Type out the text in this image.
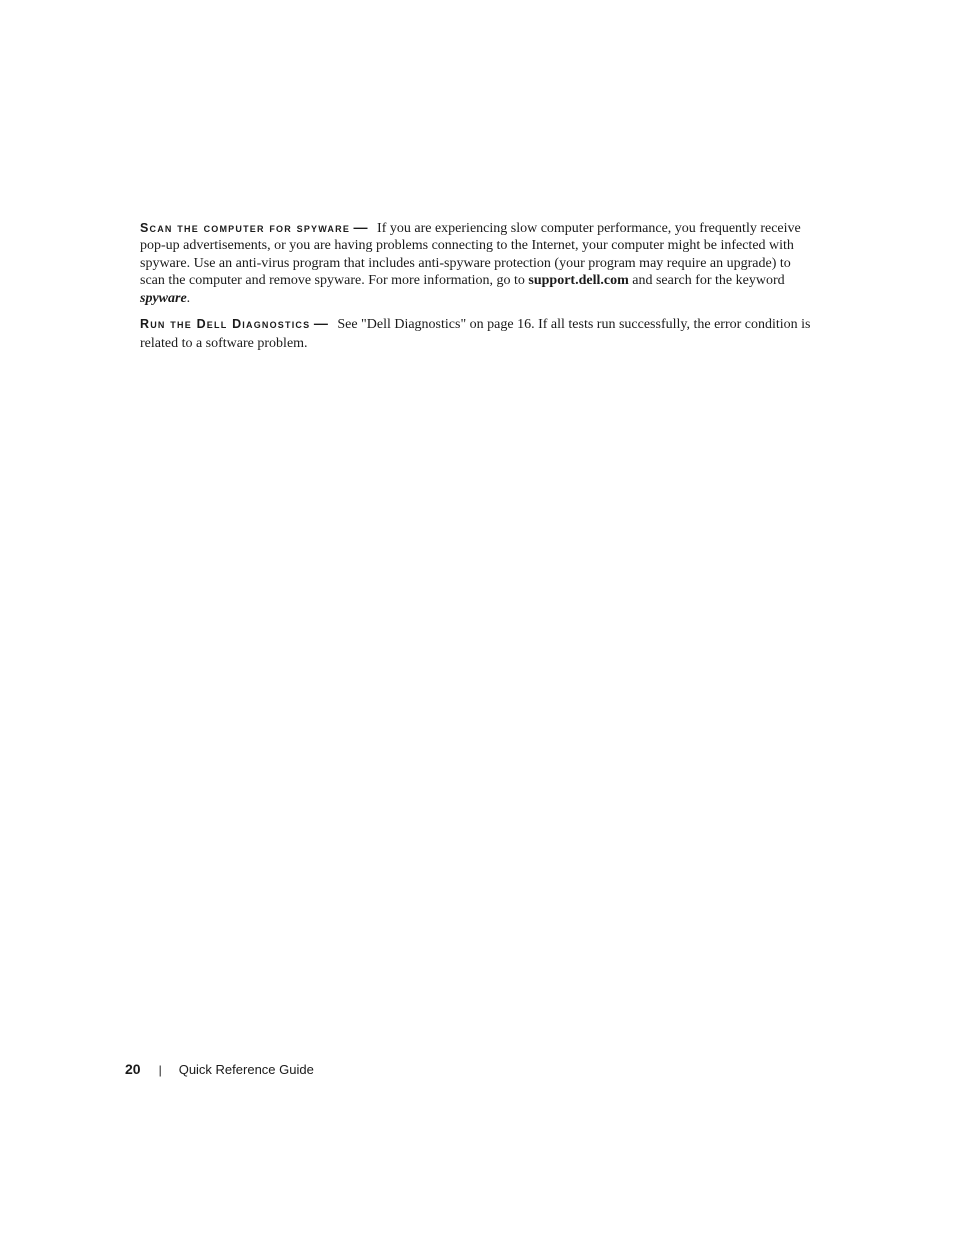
Scan the computer for spyware — If you are experiencing slow computer performance, you frequently receive pop-up advertisements, or you are having problems connecting to the Internet, your computer might be infected with spyware. Use an anti-virus program that includes anti-spyware protection (your program may require an upgrade) to scan the computer and remove spyware. For more information, go to support.dell.com and search for the keyword spyware.

Run the Dell Diagnostics — See "Dell Diagnostics" on page 16. If all tests run successfully, the error condition is related to a software problem.

20 | Quick Reference Guide
